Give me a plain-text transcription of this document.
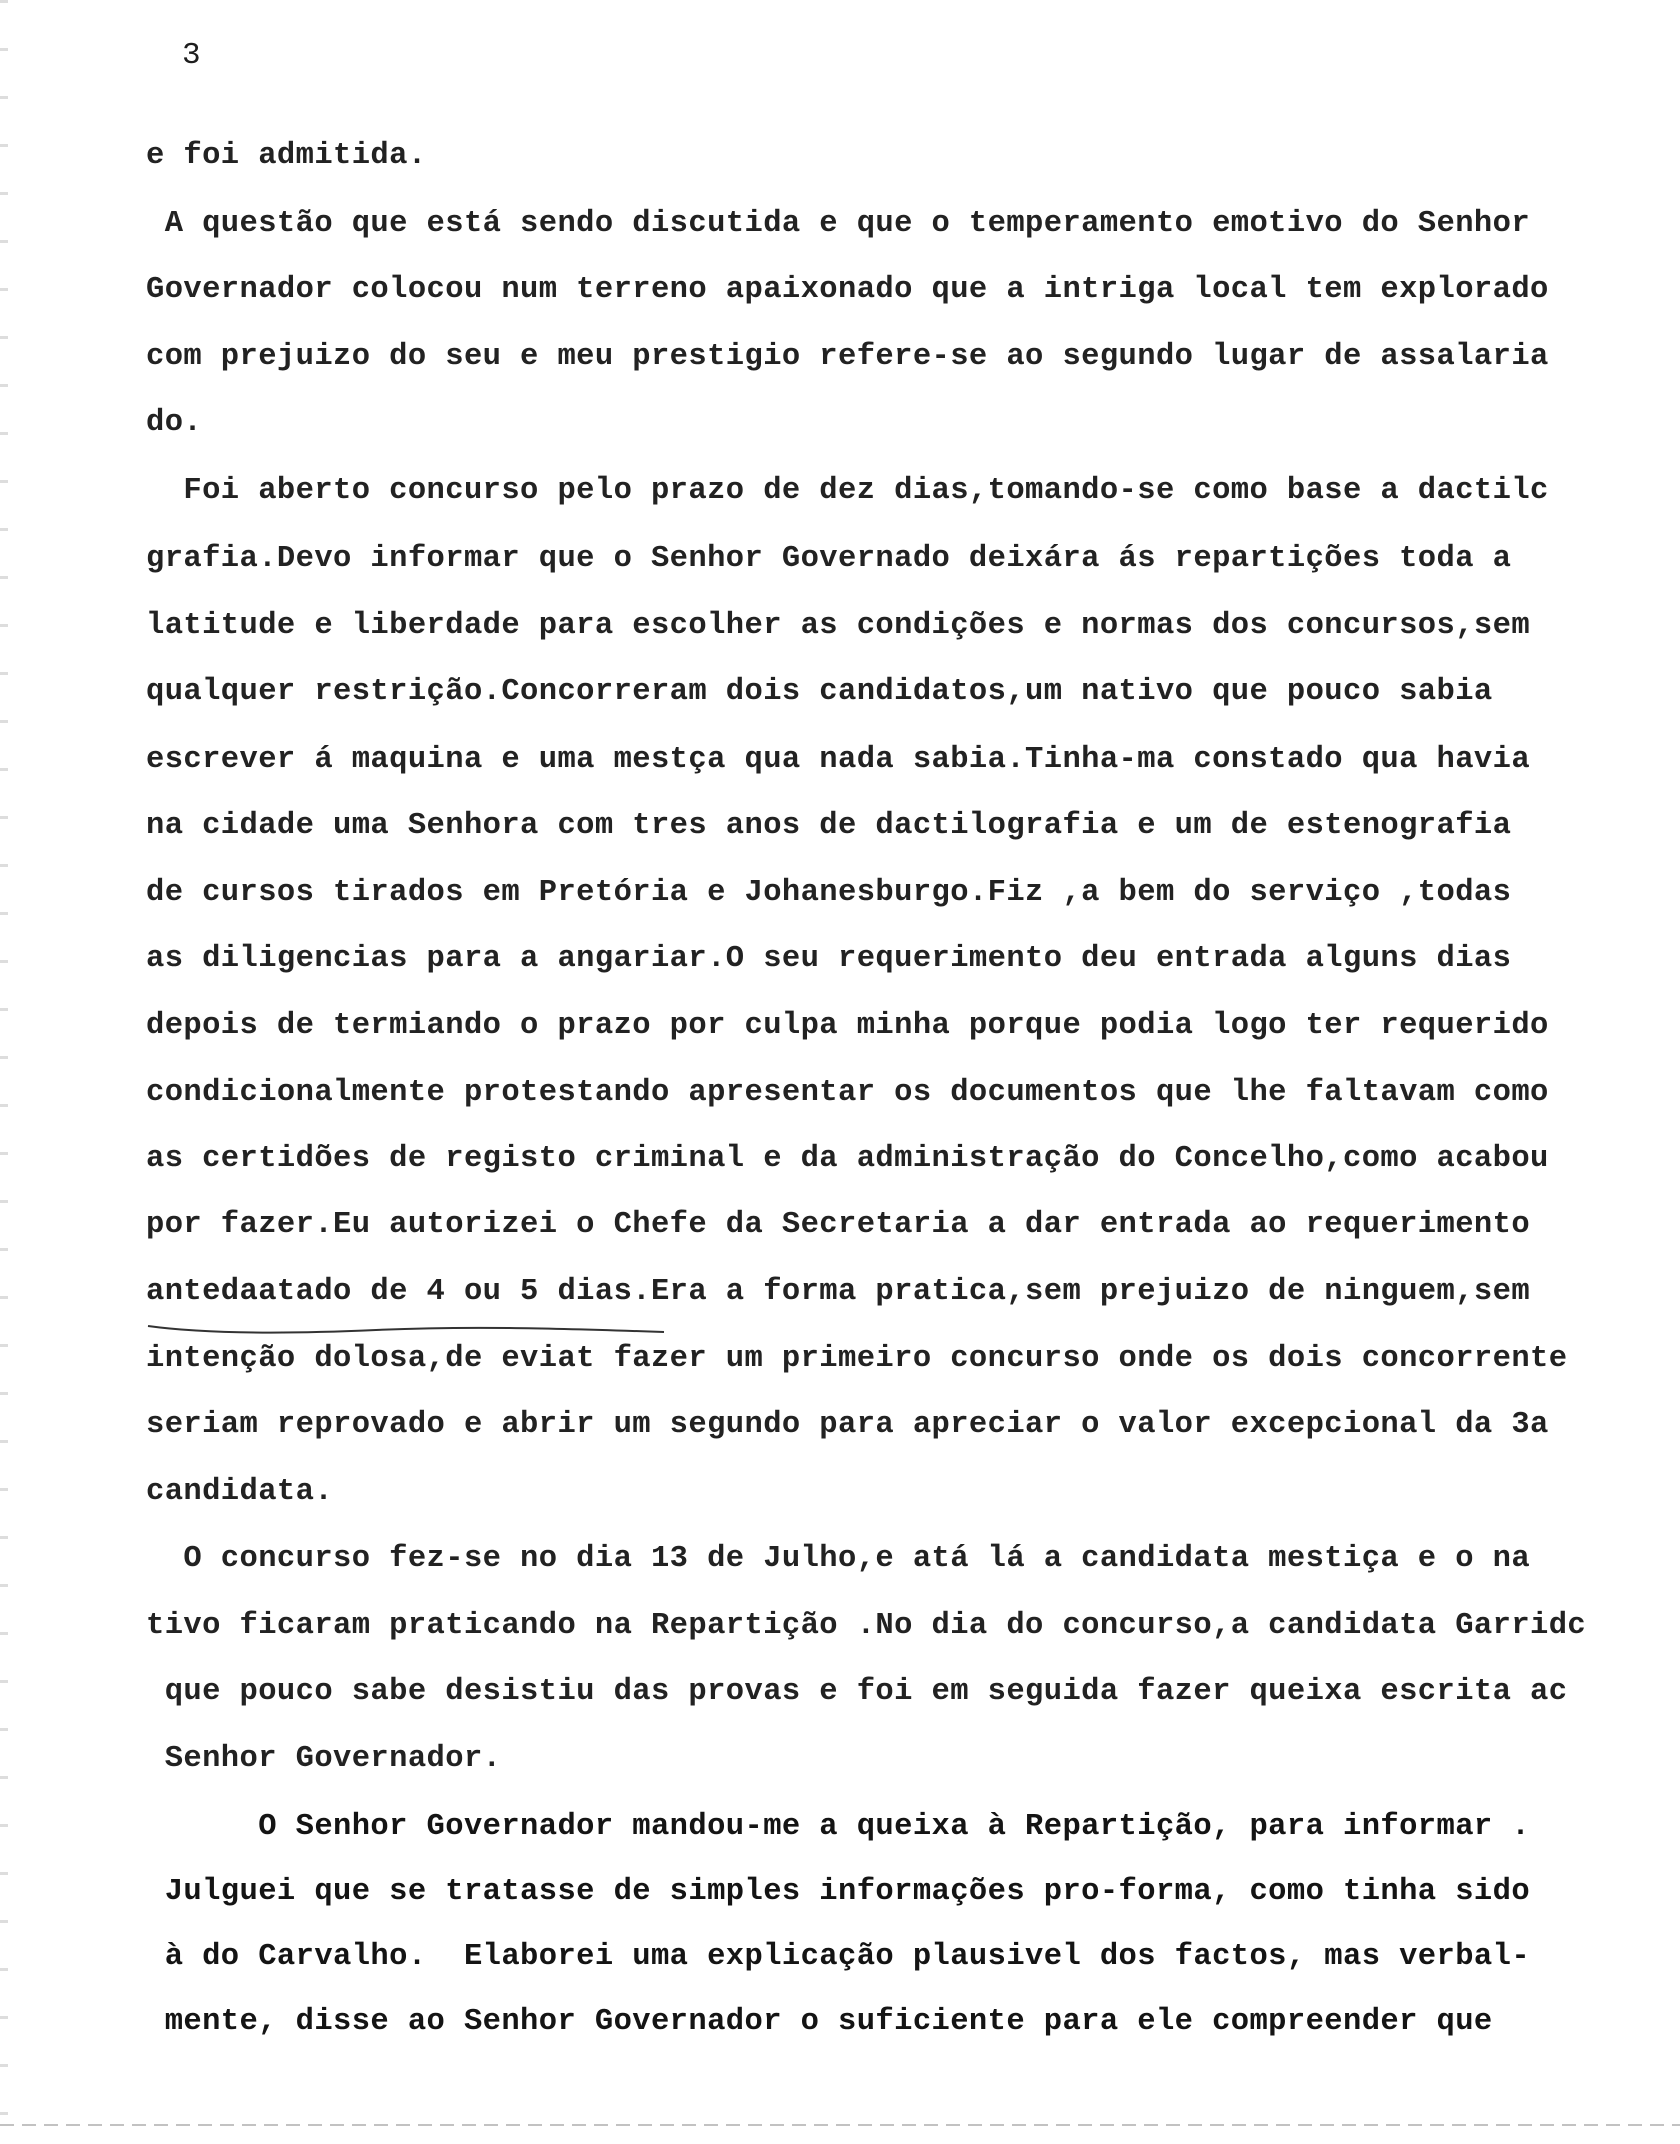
3
e foi admitida.
A questão que está sendo discutida e que o temperamento emotivo do Senhor
Governador colocou num terreno apaixonado que a intriga local tem explorado
com prejuizo do seu e meu prestigio refere-se ao segundo lugar de assalaria
do.
Foi aberto concurso pelo prazo de dez dias,tomando-se como base a dactilc
grafia.Devo informar que o Senhor Governado deixára ás repartições toda a
latitude e liberdade para escolher as condições e normas dos concursos,sem
qualquer restrição.Concorreram dois candidatos,um nativo que pouco sabia
escrever á maquina e uma mestça qua nada sabia.Tinha-ma constado qua havia
na cidade uma Senhora com tres anos de dactilografia e um de estenografia
de cursos tirados em Pretória e Johanesburgo.Fiz ,a bem do serviço ,todas
as diligencias para a angariar.O seu requerimento deu entrada alguns dias
depois de termiando o prazo por culpa minha porque podia logo ter requerido
condicionalmente protestando apresentar os documentos que lhe faltavam como
as certidões de registo criminal e da administração do Concelho,como acabou
por fazer.Eu autorizei o Chefe da Secretaria a dar entrada ao requerimento
antedaatado de 4 ou 5 dias.Era a forma pratica,sem prejuizo de ninguem,sem
intenção dolosa,de eviat fazer um primeiro concurso onde os dois concorrente
seriam reprovado e abrir um segundo para apreciar o valor excepcional da 3a
candidata.
O concurso fez-se no dia 13 de Julho,e atá lá a candidata mestiça e o na
tivo ficaram praticando na Repartição .No dia do concurso,a candidata Garridc
que pouco sabe desistiu das provas e foi em seguida fazer queixa escrita ac
Senhor Governador.
O Senhor Governador mandou-me a queixa à Repartição, para informar .
Julguei que se tratasse de simples informações pro-forma, como tinha sido
à do Carvalho.  Elaborei uma explicação plausivel dos factos, mas verbal-
mente, disse ao Senhor Governador o suficiente para ele compreender que
